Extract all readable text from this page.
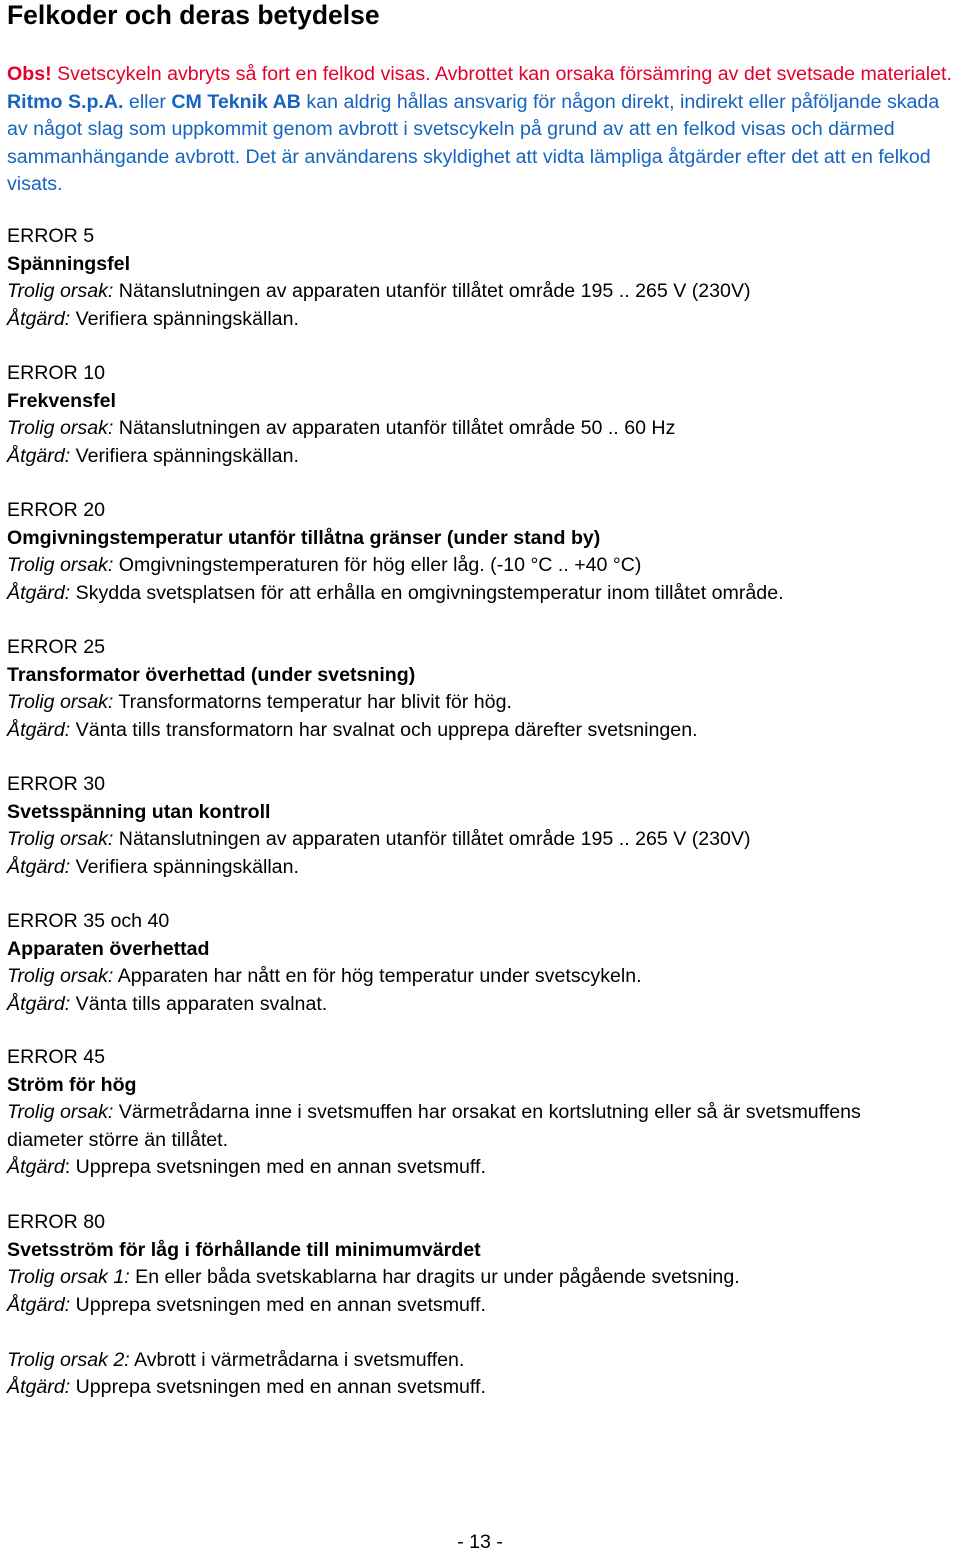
Felkoder och deras betydelse
Obs! Svetscykeln avbryts så fort en felkod visas. Avbrottet kan orsaka försämring av det svetsade materialet. Ritmo S.p.A. eller CM Teknik AB kan aldrig hållas ansvarig för någon direkt, indirekt eller påföljande skada av något slag som uppkommit genom avbrott i svetscykeln på grund av att en felkod visas och därmed sammanhängande avbrott. Det är användarens skyldighet att vidta lämpliga åtgärder efter det att en felkod visats.
ERROR 5
Spänningsfel
Trolig orsak: Nätanslutningen av apparaten utanför tillåtet område 195 .. 265 V (230V)
Åtgärd: Verifiera spänningskällan.
ERROR 10
Frekvensfel
Trolig orsak: Nätanslutningen av apparaten utanför tillåtet område 50 .. 60 Hz
Åtgärd: Verifiera spänningskällan.
ERROR 20
Omgivningstemperatur utanför tillåtna gränser (under stand by)
Trolig orsak: Omgivningstemperaturen för hög eller låg. (-10 °C .. +40 °C)
Åtgärd: Skydda svetsplatsen för att erhålla en omgivningstemperatur inom tillåtet område.
ERROR 25
Transformator överhettad (under svetsning)
Trolig orsak: Transformatorns temperatur har blivit för hög.
Åtgärd: Vänta tills transformatorn har svalnat och upprepa därefter svetsningen.
ERROR 30
Svetsspänning utan kontroll
Trolig orsak: Nätanslutningen av apparaten utanför tillåtet område 195 .. 265 V (230V)
Åtgärd: Verifiera spänningskällan.
ERROR 35 och 40
Apparaten överhettad
Trolig orsak: Apparaten har nått en för hög temperatur under svetscykeln.
Åtgärd: Vänta tills apparaten svalnat.
ERROR 45
Ström för hög
Trolig orsak: Värmetrådarna inne i svetsmuffen har orsakat en kortslutning eller så är svetsmuffens diameter större än tillåtet.
Åtgärd: Upprepa svetsningen med en annan svetsmuff.
ERROR 80
Svetsström för låg i förhållande till minimumvärdet
Trolig orsak 1: En eller båda svetskablarna har dragits ur under pågående svetsning.
Åtgärd: Upprepa svetsningen med en annan svetsmuff.
Trolig orsak 2: Avbrott i värmetrådarna i svetsmuffen.
Åtgärd: Upprepa svetsningen med en annan svetsmuff.
- 13 -
